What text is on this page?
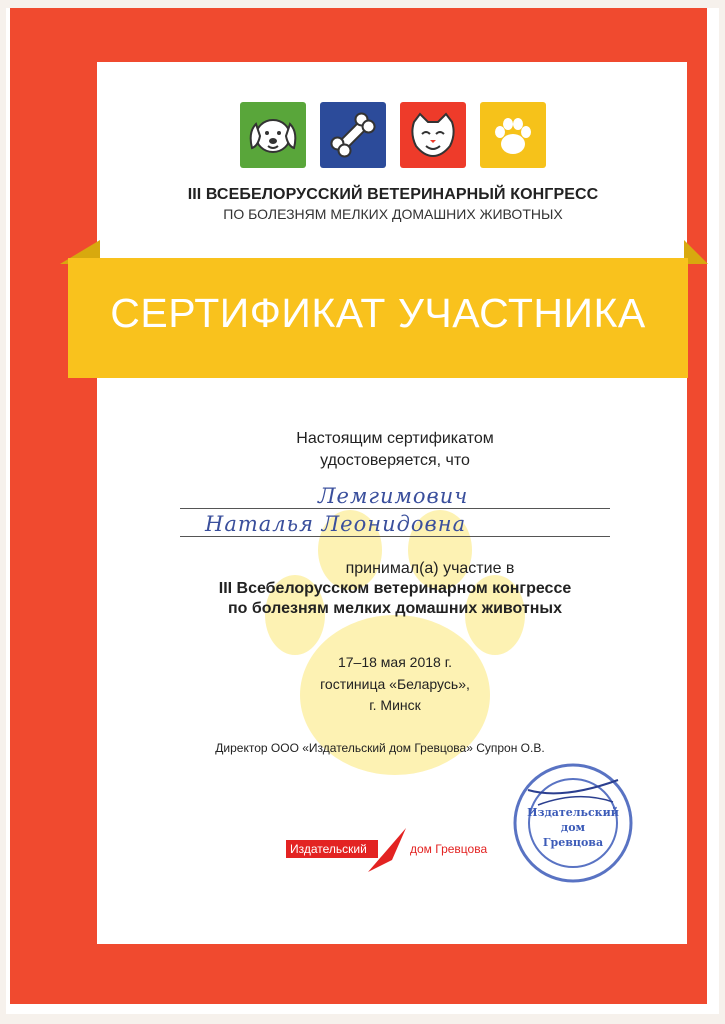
III ВСЕБЕЛОРУССКИЙ ВЕТЕРИНАРНЫЙ КОНГРЕСС
ПО БОЛЕЗНЯМ МЕЛКИХ ДОМАШНИХ ЖИВОТНЫХ
СЕРТИФИКАТ УЧАСТНИКА
Настоящим сертификатом
удостоверяется, что
Лемгимович
Наталья Леонидовна
принимал(а) участие в
III Всебелорусском ветеринарном конгрессе
по болезням мелких домашних животных
17–18 мая 2018 г.
гостиница «Беларусь»,
г. Минск
Директор ООО «Издательский дом Гревцова» Супрон О.В.
Издательский
дом
Гревцова
Издательский	дом Гревцова
